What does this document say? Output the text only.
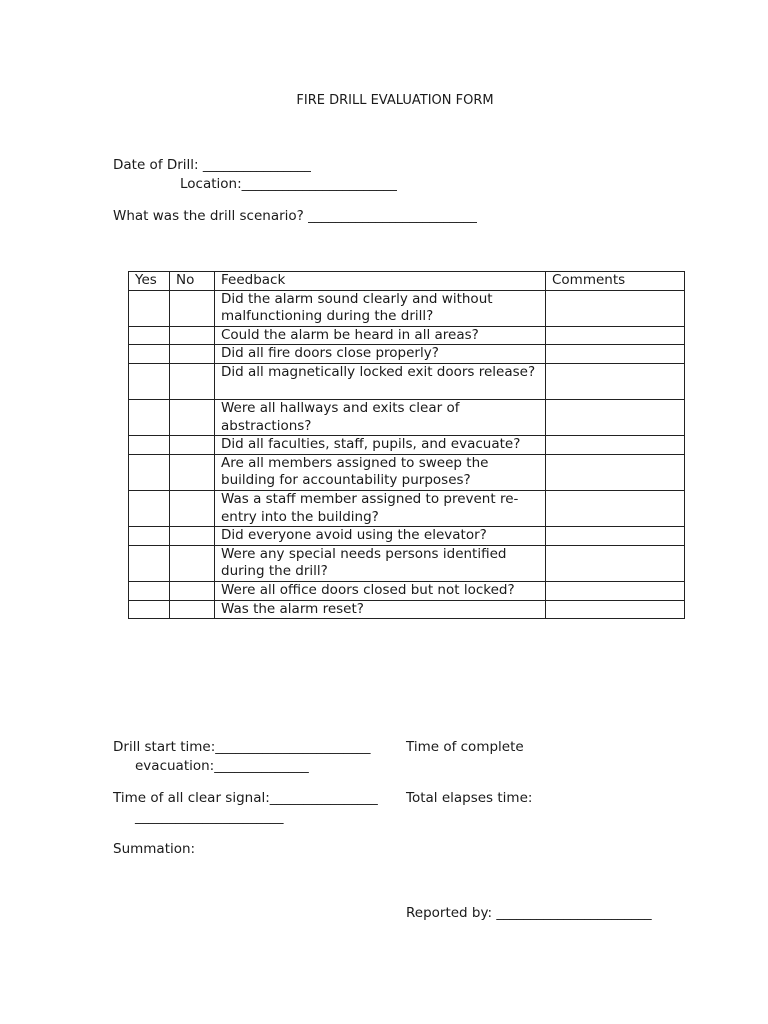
FIRE DRILL EVALUATION FORM
Date of Drill: ________________
Location:_______________________
What was the drill scenario? _________________________
Yes	No	Feedback	Comments
		Did the alarm sound clearly and without malfunctioning during the drill?	
		Could the alarm be heard in all areas?	
		Did all fire doors close properly?	
		Did all magnetically locked exit doors release?	
		Were all hallways and exits clear of abstractions?	
		Did all faculties, staff, pupils, and evacuate?	
		Are all members assigned to sweep the building for accountability purposes?	
		Was a staff member assigned to prevent re-entry into the building?	
		Did everyone avoid using the elevator?	
		Were any special needs persons identified during the drill?	
		Were all office doors closed but not locked?	
		Was the alarm reset?	
Drill start time:_______________________	Time of complete
evacuation:______________
Time of all clear signal:________________ Total elapses time:
______________________
Summation:
Reported by: _______________________
